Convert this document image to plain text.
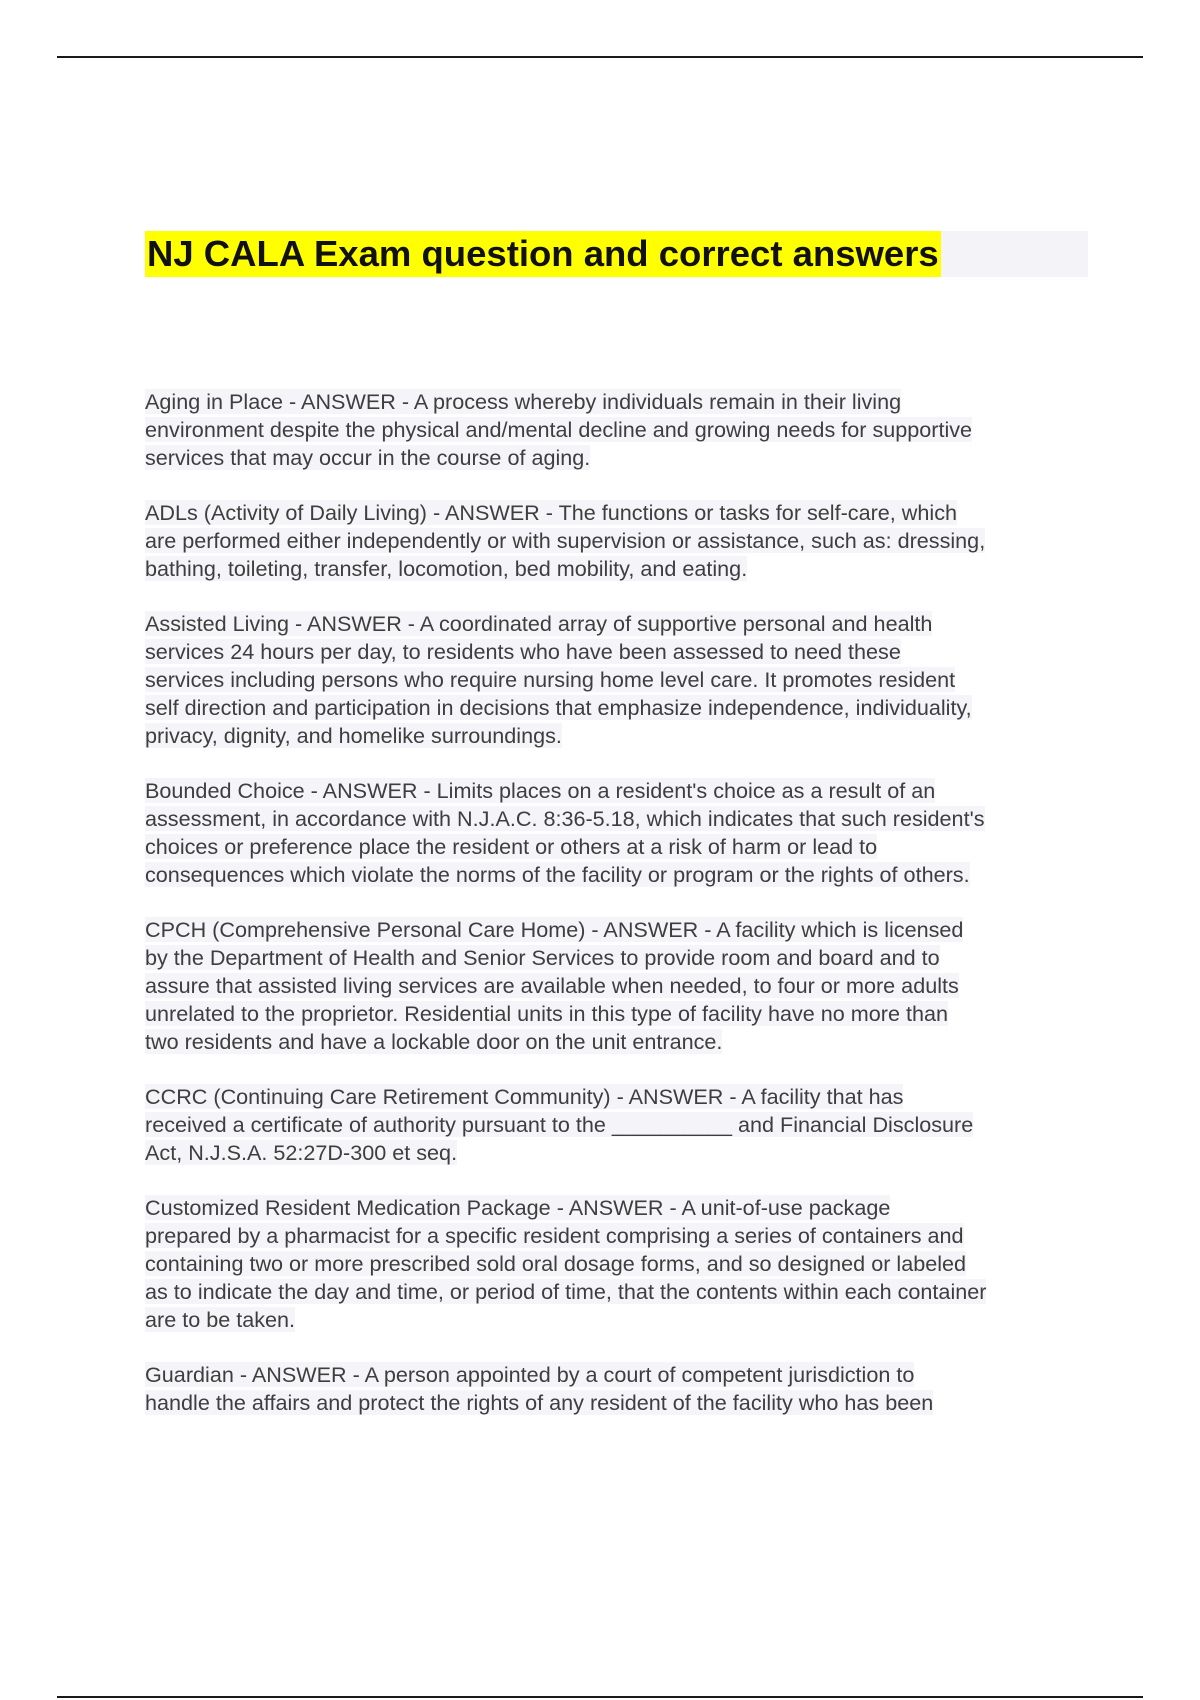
NJ CALA Exam question and correct answers
Aging in Place - ANSWER - A process whereby individuals remain in their living
environment despite the physical and/mental decline and growing needs for supportive
services that may occur in the course of aging.
ADLs (Activity of Daily Living) - ANSWER - The functions or tasks for self-care, which
are performed either independently or with supervision or assistance, such as: dressing,
bathing, toileting, transfer, locomotion, bed mobility, and eating.
Assisted Living - ANSWER - A coordinated array of supportive personal and health
services 24 hours per day, to residents who have been assessed to need these
services including persons who require nursing home level care. It promotes resident
self direction and participation in decisions that emphasize independence, individuality,
privacy, dignity, and homelike surroundings.
Bounded Choice - ANSWER - Limits places on a resident's choice as a result of an
assessment, in accordance with N.J.A.C. 8:36-5.18, which indicates that such resident's
choices or preference place the resident or others at a risk of harm or lead to
consequences which violate the norms of the facility or program or the rights of others.
CPCH (Comprehensive Personal Care Home) - ANSWER - A facility which is licensed
by the Department of Health and Senior Services to provide room and board and to
assure that assisted living services are available when needed, to four or more adults
unrelated to the proprietor. Residential units in this type of facility have no more than
two residents and have a lockable door on the unit entrance.
CCRC (Continuing Care Retirement Community) - ANSWER - A facility that has
received a certificate of authority pursuant to the __________ and Financial Disclosure
Act, N.J.S.A. 52:27D-300 et seq.
Customized Resident Medication Package - ANSWER - A unit-of-use package
prepared by a pharmacist for a specific resident comprising a series of containers and
containing two or more prescribed sold oral dosage forms, and so designed or labeled
as to indicate the day and time, or period of time, that the contents within each container
are to be taken.
Guardian - ANSWER - A person appointed by a court of competent jurisdiction to
handle the affairs and protect the rights of any resident of the facility who has been
